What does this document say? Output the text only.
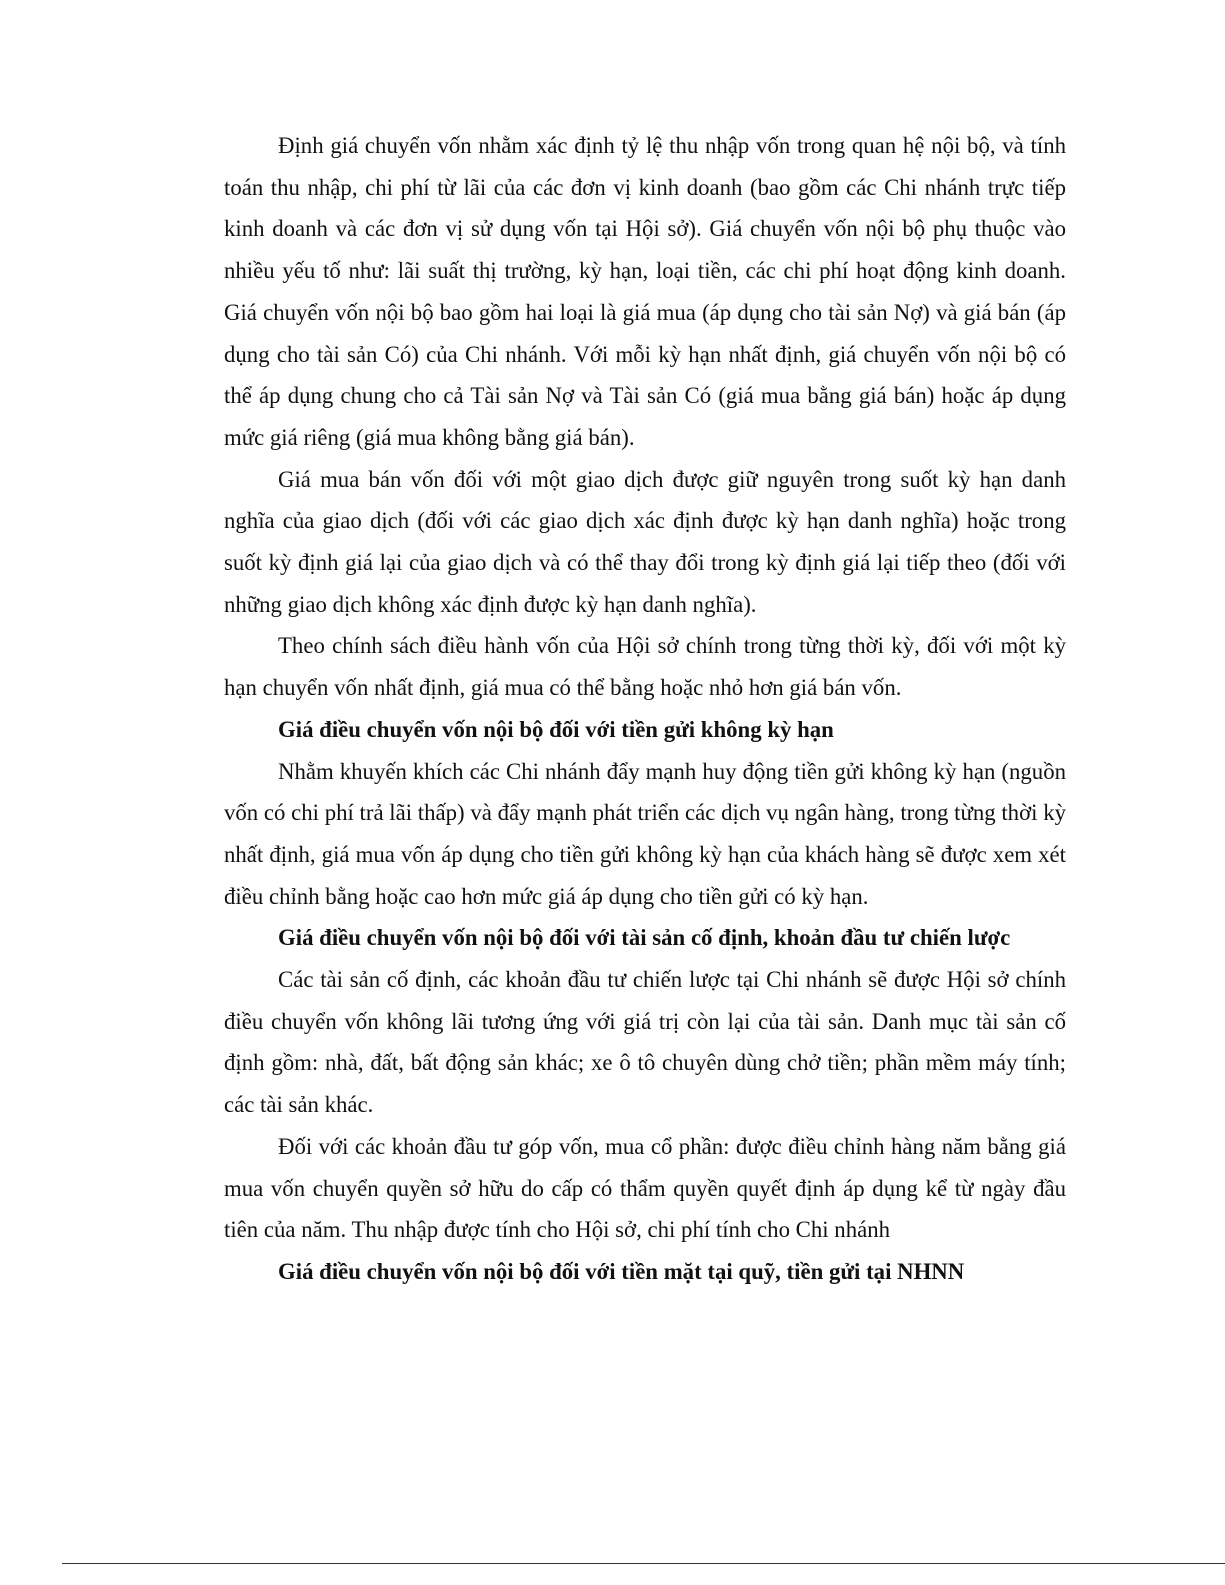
Định giá chuyển vốn nhằm xác định tỷ lệ thu nhập vốn trong quan hệ nội bộ, và tính toán thu nhập, chi phí từ lãi của các đơn vị kinh doanh (bao gồm các Chi nhánh trực tiếp kinh doanh và các đơn vị sử dụng vốn tại Hội sở). Giá chuyển vốn nội bộ phụ thuộc vào nhiều yếu tố như: lãi suất thị trường, kỳ hạn, loại tiền, các chi phí hoạt động kinh doanh. Giá chuyển vốn nội bộ bao gồm hai loại là giá mua (áp dụng cho tài sản Nợ) và giá bán (áp dụng cho tài sản Có) của Chi nhánh. Với mỗi kỳ hạn nhất định, giá chuyển vốn nội bộ có thể áp dụng chung cho cả Tài sản Nợ và Tài sản Có (giá mua bằng giá bán) hoặc áp dụng mức giá riêng (giá mua không bằng giá bán).

Giá mua bán vốn đối với một giao dịch được giữ nguyên trong suốt kỳ hạn danh nghĩa của giao dịch (đối với các giao dịch xác định được kỳ hạn danh nghĩa) hoặc trong suốt kỳ định giá lại của giao dịch và có thể thay đổi trong kỳ định giá lại tiếp theo (đối với những giao dịch không xác định được kỳ hạn danh nghĩa).

Theo chính sách điều hành vốn của Hội sở chính trong từng thời kỳ, đối với một kỳ hạn chuyển vốn nhất định, giá mua có thể bằng hoặc nhỏ hơn giá bán vốn.

Giá điều chuyển vốn nội bộ đối với tiền gửi không kỳ hạn

Nhằm khuyến khích các Chi nhánh đẩy mạnh huy động tiền gửi không kỳ hạn (nguồn vốn có chi phí trả lãi thấp) và đẩy mạnh phát triển các dịch vụ ngân hàng, trong từng thời kỳ nhất định, giá mua vốn áp dụng cho tiền gửi không kỳ hạn của khách hàng sẽ được xem xét điều chỉnh bằng hoặc cao hơn mức giá áp dụng cho tiền gửi có kỳ hạn.

Giá điều chuyển vốn nội bộ đối với tài sản cố định, khoản đầu tư chiến lược

Các tài sản cố định, các khoản đầu tư chiến lược tại Chi nhánh sẽ được Hội sở chính điều chuyển vốn không lãi tương ứng với giá trị còn lại của tài sản. Danh mục tài sản cố định gồm: nhà, đất, bất động sản khác; xe ô tô chuyên dùng chở tiền; phần mềm máy tính; các tài sản khác.

Đối với các khoản đầu tư góp vốn, mua cổ phần: được điều chỉnh hàng năm bằng giá mua vốn chuyển quyền sở hữu do cấp có thẩm quyền quyết định áp dụng kể từ ngày đầu tiên của năm. Thu nhập được tính cho Hội sở, chi phí tính cho Chi nhánh

Giá điều chuyển vốn nội bộ đối với tiền mặt tại quỹ, tiền gửi tại NHNN
